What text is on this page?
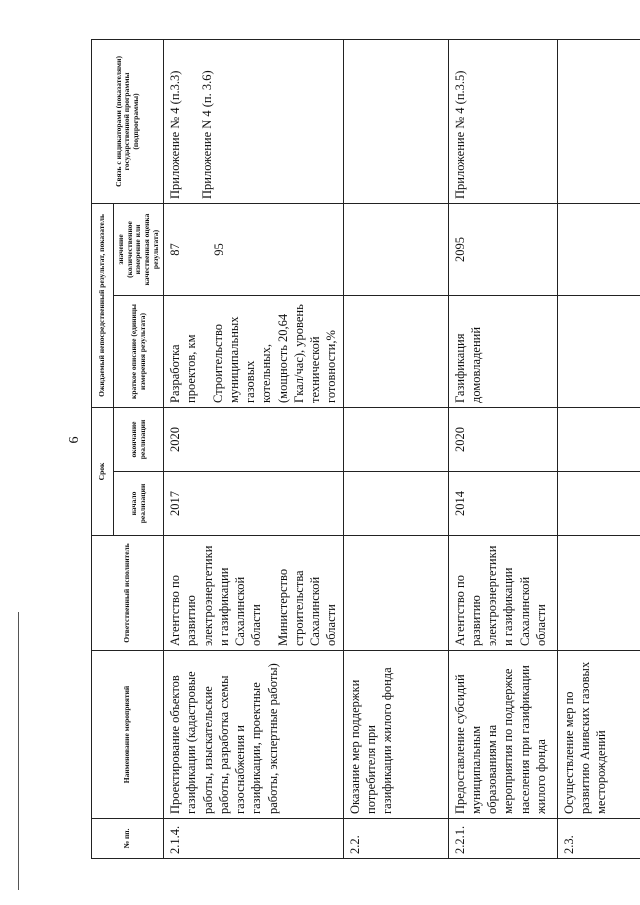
6
№ пп.	Наименование мероприятий	Ответственный исполнитель	Срок		Ожидаемый непосредственный результат, показатель		Связь с индикаторами (показателями) государственной программы (подпрограммы)
			начало реализации	окончание реализации	краткое описание (единицы измерения результата)	значение (количественное измерение или качественная оценка результата)	
2.1.4.	Проектирование объектов газификации (кадастровые работы, изыскательские работы, разработка схемы газоснабжения и газификации, проектные работы, экспертные работы)	Агентство по развитию электроэнергетики и газификации Сахалинской области Министерство строительства Сахалинской области	2017	2020	Разработка проектов, км Строительство муниципальных газовых котельных, (мощность 20,64 Гкал/час), уровень технической готовности,%	87 95	Приложение № 4 (п.3.3) Приложение N 4 (п. 3.6)
2.2.	Оказание мер поддержки потребителя при газификации жилого фонда						
2.2.1.	Предоставление субсидий муниципальным образованиям на мероприятия по поддержке населения при газификации жилого фонда	Агентство по развитию электроэнергетики и газификации Сахалинской области	2014	2020	Газификация домовладений	2095	Приложение № 4 (п.3.5)
2.3.	Осуществление мер по развитию Анивских газовых месторождений						
